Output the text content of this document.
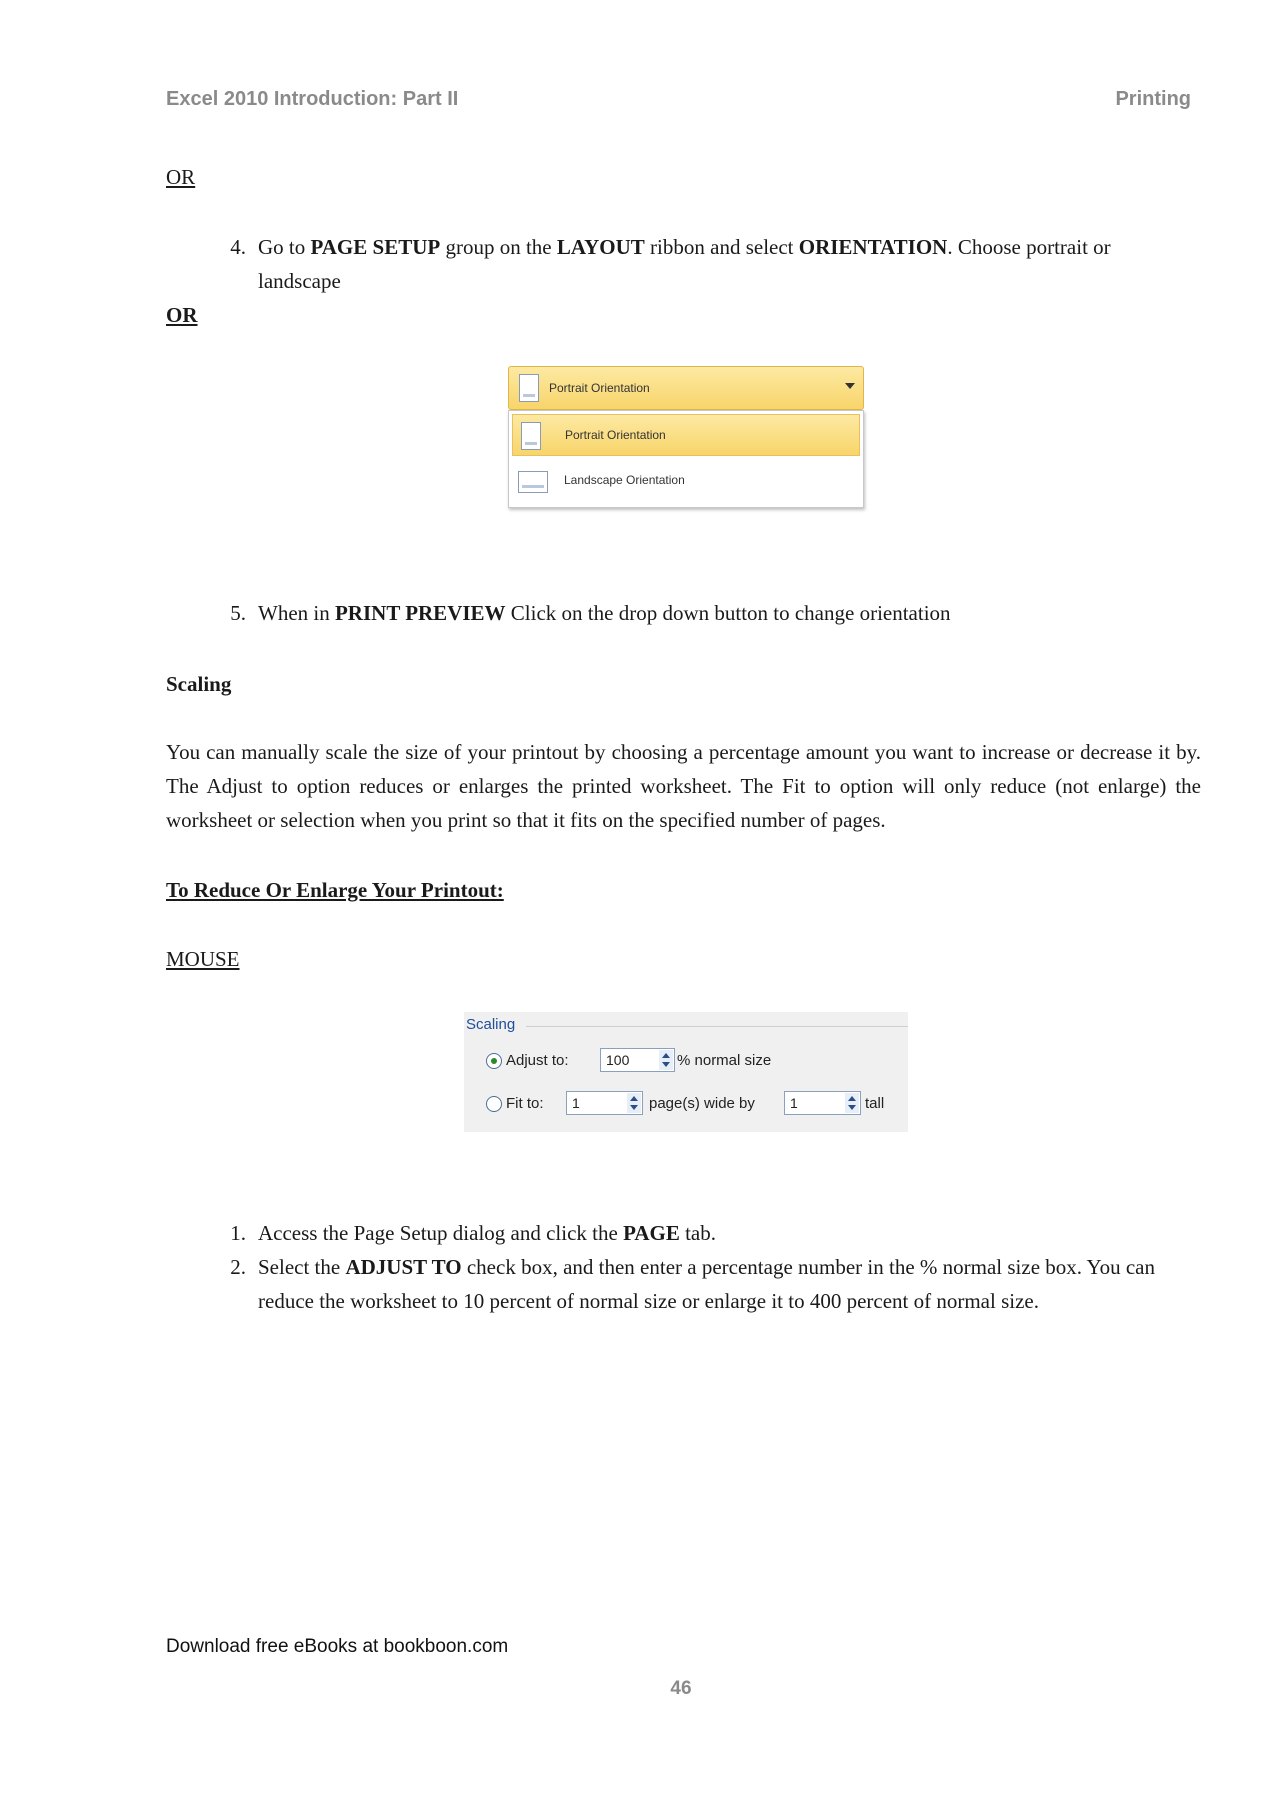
Excel 2010 Introduction: Part II	Printing
OR
4. Go to PAGE SETUP group on the LAYOUT ribbon and select ORIENTATION. Choose portrait or landscape
OR
Portrait Orientation
Portrait Orientation
Landscape Orientation
5. When in PRINT PREVIEW Click on the drop down button to change orientation
Scaling
You can manually scale the size of your printout by choosing a percentage amount you want to increase or decrease it by. The Adjust to option reduces or enlarges the printed worksheet. The Fit to option will only reduce (not enlarge) the worksheet or selection when you print so that it fits on the specified number of pages.
To Reduce Or Enlarge Your Printout:
MOUSE
Scaling
Adjust to:	100	% normal size
Fit to: 1	page(s) wide by	1	tall
1. Access the Page Setup dialog and click the PAGE tab.
2. Select the ADJUST TO check box, and then enter a percentage number in the % normal size box. You can reduce the worksheet to 10 percent of normal size or enlarge it to 400 percent of normal size.
Download free eBooks at bookboon.com
46
